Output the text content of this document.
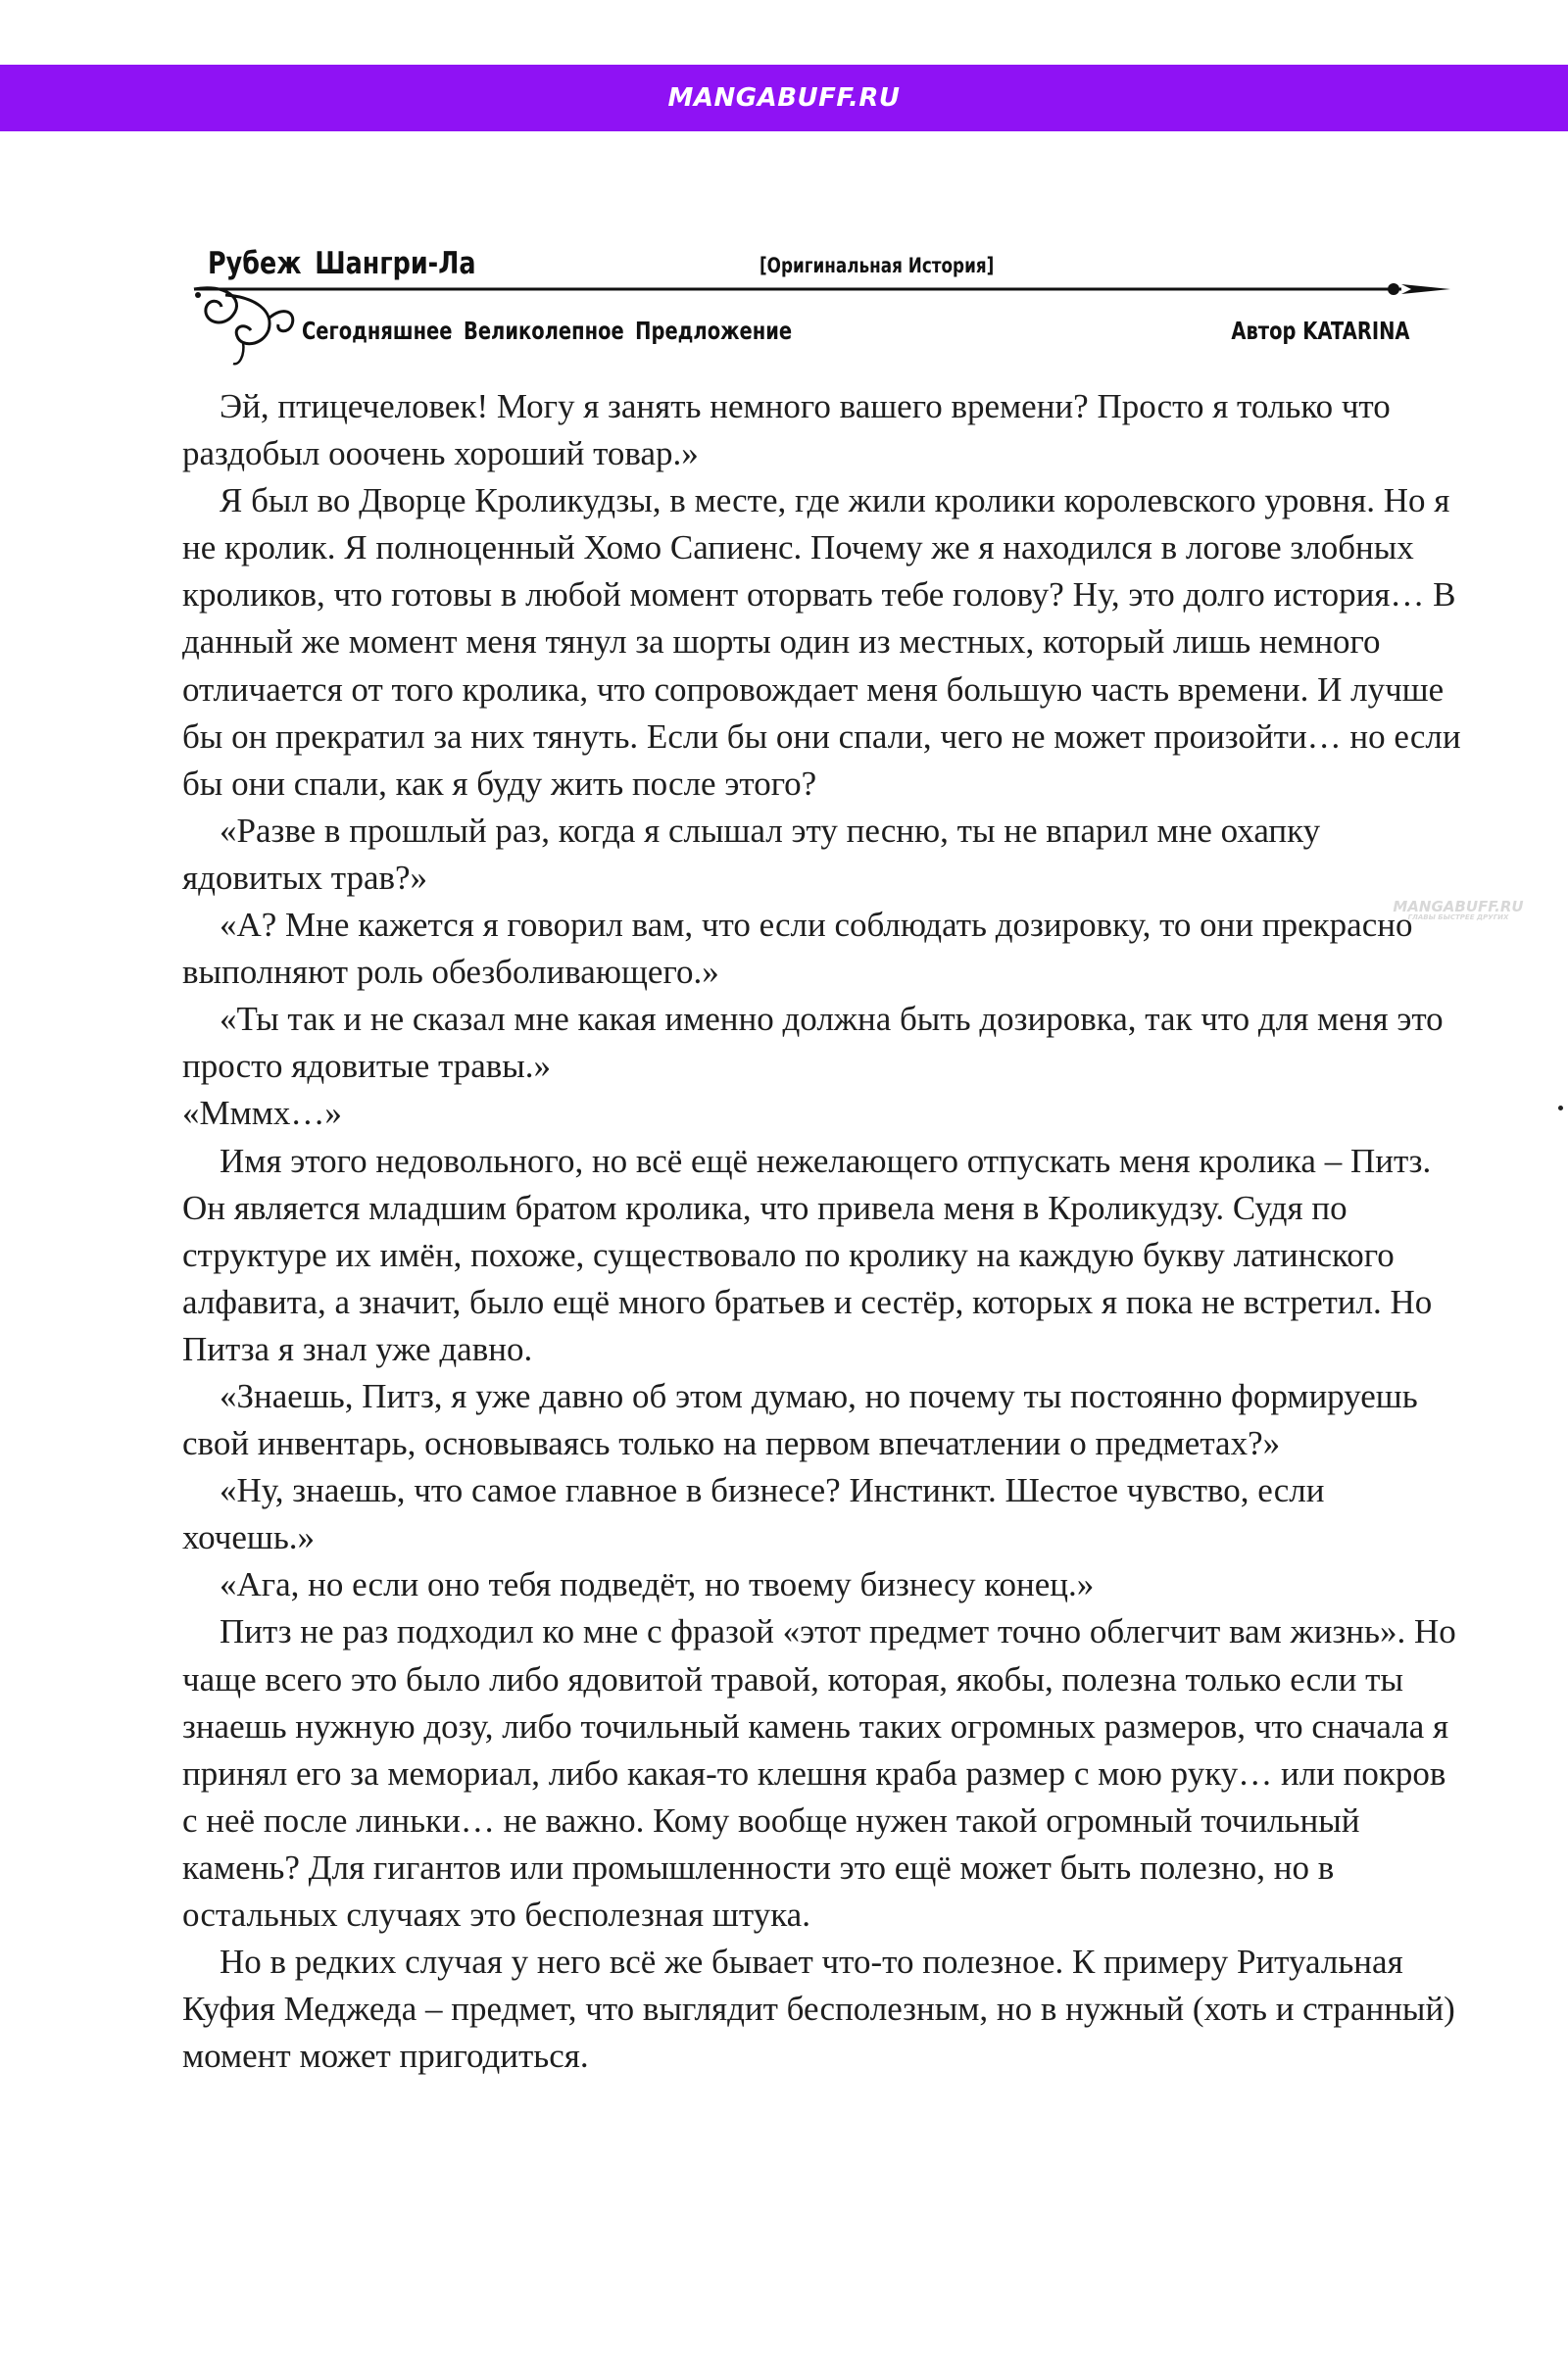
MANGABUFF.RU
Рубеж Шангри-Ла	[Оригинальная История]
Сегодняшнее Великолепное Предложение	Автор KATARINA

Эй, птицечеловек! Могу я занять немного вашего времени? Просто я только что раздобыл ооочень хороший товар.»

Я был во Дворце Кроликудзы, в месте, где жили кролики королевского уровня. Но я не кролик. Я полноценный Хомо Сапиенс. Почему же я находился в логове злобных кроликов, что готовы в любой момент оторвать тебе голову? Ну, это долго история… В данный же момент меня тянул за шорты один из местных, который лишь немного отличается от того кролика, что сопровождает меня большую часть времени. И лучше бы он прекратил за них тянуть. Если бы они спали, чего не может произойти… но если бы они спали, как я буду жить после этого?

«Разве в прошлый раз, когда я слышал эту песню, ты не впарил мне охапку ядовитых трав?»

«А? Мне кажется я говорил вам, что если соблюдать дозировку, то они прекрасно выполняют роль обезболивающего.»

«Ты так и не сказал мне какая именно должна быть дозировка, так что для меня это просто ядовитые травы.»

«Мммх…»

Имя этого недовольного, но всё ещё нежелающего отпускать меня кролика – Питз. Он является младшим братом кролика, что привела меня в Кроликудзу. Судя по структуре их имён, похоже, существовало по кролику на каждую букву латинского алфавита, а значит, было ещё много братьев и сестёр, которых я пока не встретил. Но Питза я знал уже давно.

«Знаешь, Питз, я уже давно об этом думаю, но почему ты постоянно формируешь свой инвентарь, основываясь только на первом впечатлении о предметах?»

«Ну, знаешь, что самое главное в бизнесе? Инстинкт. Шестое чувство, если хочешь.»

«Ага, но если оно тебя подведёт, но твоему бизнесу конец.»

Питз не раз подходил ко мне с фразой «этот предмет точно облегчит вам жизнь». Но чаще всего это было либо ядовитой травой, которая, якобы, полезна только если ты знаешь нужную дозу, либо точильный камень таких огромных размеров, что сначала я принял его за мемориал, либо какая-то клешня краба размер с мою руку… или покров с неё после линьки… не важно. Кому вообще нужен такой огромный точильный камень? Для гигантов или промышленности это ещё может быть полезно, но в остальных случаях это бесполезная штука.

Но в редких случая у него всё же бывает что-то полезное. К примеру Ритуальная Куфия Меджеда – предмет, что выглядит бесполезным, но в нужный (хоть и странный) момент может пригодиться.

MANGABUFF.RU
ГЛАВЫ БЫСТРЕЕ ДРУГИХ
